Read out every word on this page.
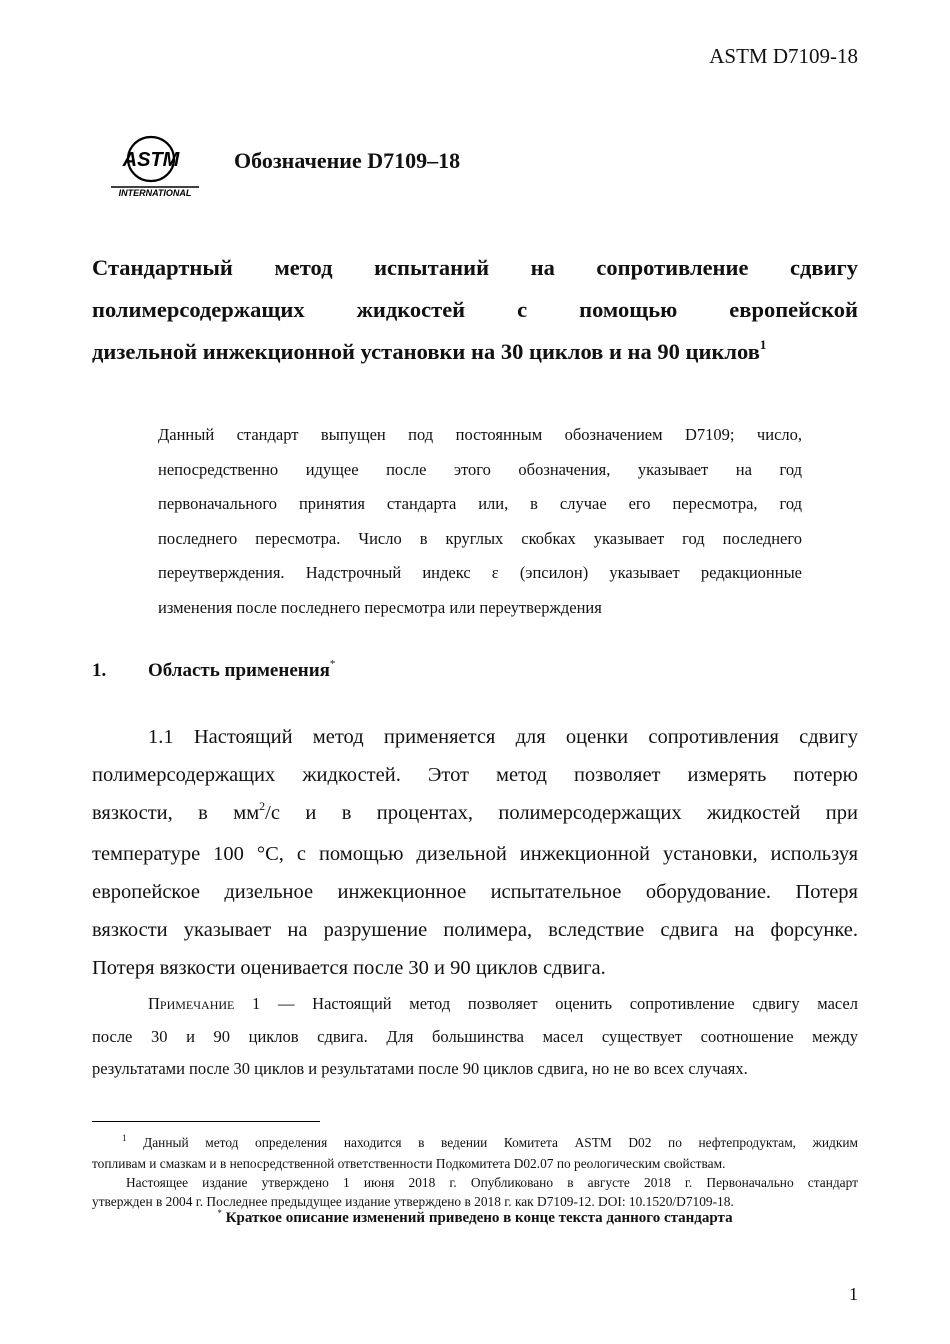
ASTM D7109-18
ASTM
INTERNATIONAL
Обозначение D7109–18
Стандартный метод испытаний на сопротивление сдвигу
полимерсодержащих жидкостей с помощью европейской
дизельной инжекционной установки на 30 циклов и на 90 циклов$^1$
Данный стандарт выпущен под постоянным обозначением D7109; число,
непосредственно идущее после этого обозначения, указывает на год
первоначального принятия стандарта или, в случае его пересмотра, год
последнего пересмотра. Число в круглых скобках указывает год последнего
переутверждения. Надстрочный индекс ε (эпсилон) указывает редакционные
изменения после последнего пересмотра или переутверждения
1. Область применения*
1.1 Настоящий метод применяется для оценки сопротивления сдвигу
полимерсодержащих жидкостей. Этот метод позволяет измерять потерю
вязкости, в $мм^2/с$ и в процентах, полимерсодержащих жидкостей при
температуре 100 °С, с помощью дизельной инжекционной установки, используя
европейское дизельное инжекционное испытательное оборудование. Потеря
вязкости указывает на разрушение полимера, вследствие сдвига на форсунке.
Потеря вязкости оценивается после 30 и 90 циклов сдвига.
Примечание 1 — Настоящий метод позволяет оценить сопротивление сдвигу масел
после 30 и 90 циклов сдвига. Для большинства масел существует соотношение между
результатами после 30 циклов и результатами после 90 циклов сдвига, но не во всех случаях.
$^1$ Данный метод определения находится в ведении Комитета ASTM D02 по нефтепродуктам, жидким
топливам и смазкам и в непосредственной ответственности Подкомитета D02.07 по реологическим свойствам.
Настоящее издание утверждено 1 июня 2018 г. Опубликовано в августе 2018 г. Первоначально стандарт
утвержден в 2004 г. Последнее предыдущее издание утверждено в 2018 г. как D7109-12. DOI: 10.1520/D7109-18.
* Краткое описание изменений приведено в конце текста данного стандарта
1
